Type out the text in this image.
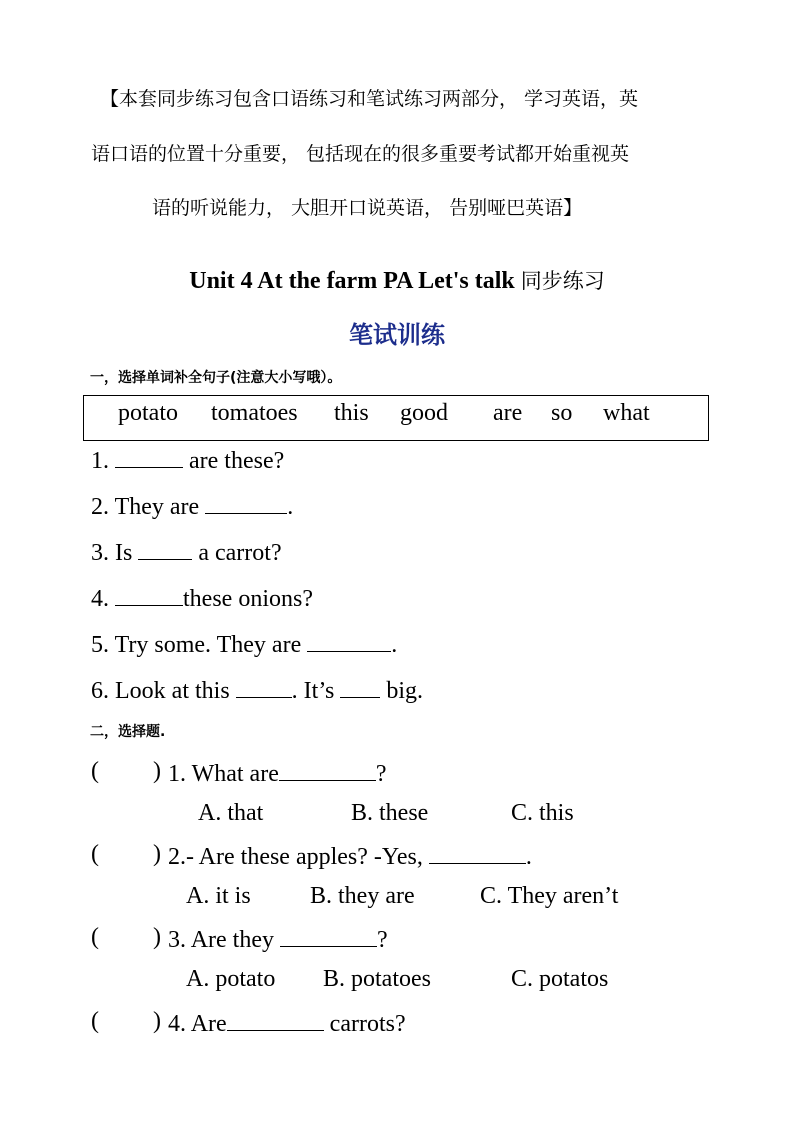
【本套同步练习包含口语练习和笔试练习两部分， 学习英语，英
语口语的位置十分重要， 包括现在的很多重要考试都开始重视英
语的听说能力， 大胆开口说英语， 告别哑巴英语】
Unit 4 At the farm PA Let's talk 同步练习
笔试训练
一，选择单词补全句子(注意大小写哦）。
potato tomatoes this good are so what
1.	are these?
2. They are	.
3. Is	a carrot?
4.	these onions?
5. Try some. They are	.
6. Look at this	. It’s big.
二，选择题.
( ) 1. What are	?
A. that	B. these	C. this
( ) 2.- Are these apples? -Yes,	.
A. it is B. they are	C. They aren’t
( ) 3. Are they	?
A. potato B. potatoes	C. potatos
( ) 4. Are	carrots?
